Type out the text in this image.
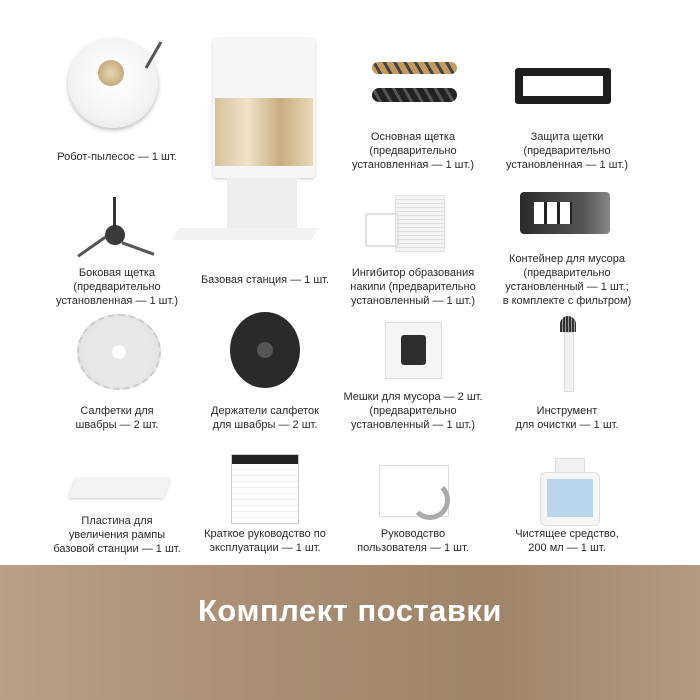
Робот-пылесос — 1 шт.
Базовая станция — 1 шт.
Основная щетка
(предварительно
установленная — 1 шт.)
Защита щетки
(предварительно
установленная — 1 шт.)
Боковая щетка
(предварительно
установленная — 1 шт.)
Ингибитор образования
накипи (предварительно
установленный — 1 шт.)
Контейнер для мусора
(предварительно
установленный — 1 шт.;
в комплекте с фильтром)
Салфетки для
швабры — 2 шт.
Держатели салфеток
для швабры — 2 шт.
Мешки для мусора — 2 шт.
(предварительно
установленный — 1 шт.)
Инструмент
для очистки — 1 шт.
Пластина для
увеличения рампы
базовой станции — 1 шт.
Краткое руководство по
эксплуатации — 1 шт.
Руководство
пользователя — 1 шт.
Чистящее средство,
200 мл — 1 шт.
Комплект поставки
